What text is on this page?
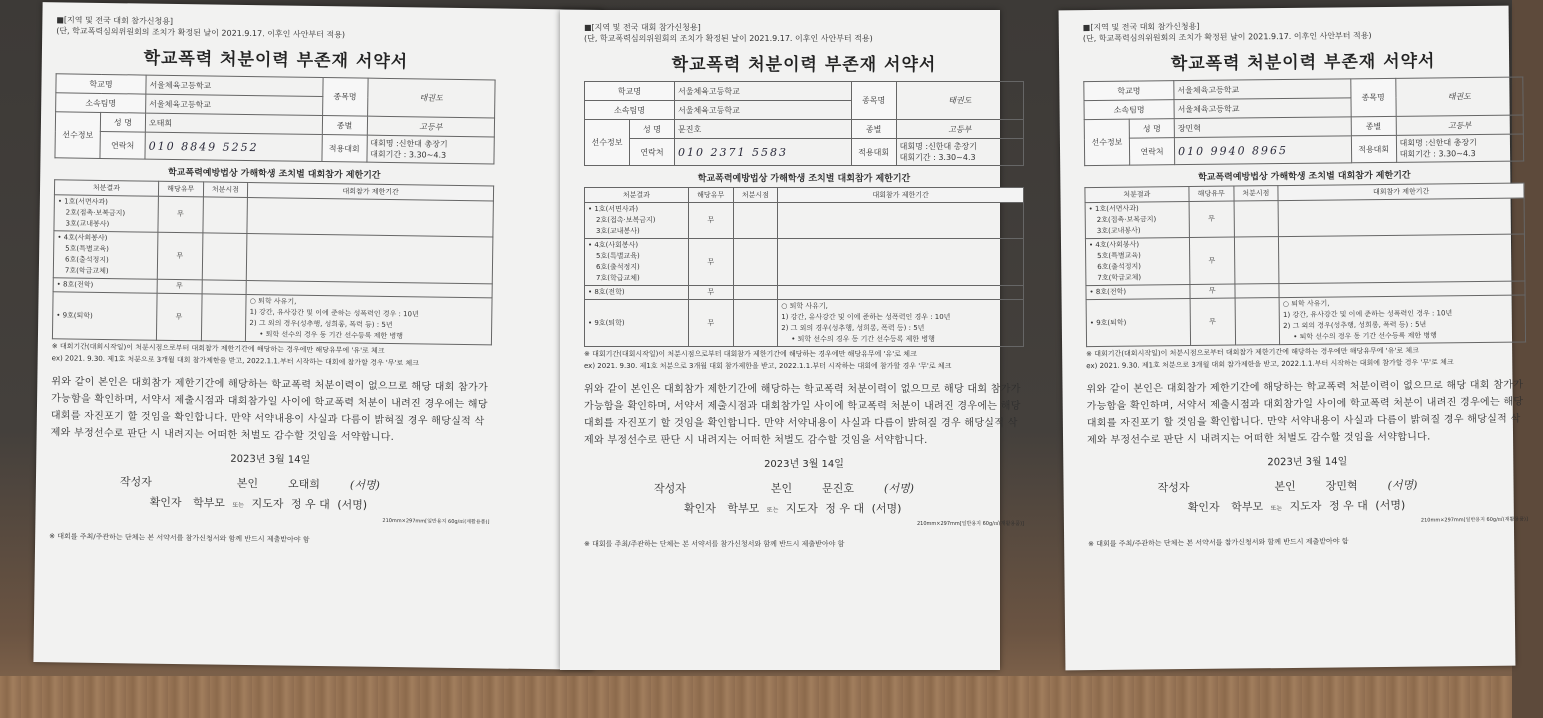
■[지역 및 전국 대회 참가신청용]
(단, 학교폭력심의위원회의 조치가 확정된 날이 2021.9.17. 이후인 사안부터 적용)
학교폭력 처분이력 부존재 서약서
학교명		서울체육고등학교	종목명	태권도
소속팀명		서울체육고등학교		
선수정보	성 명	오태희	종별	고등부
	연락처	010 8849 5252	적용대회	대회명 :신한대 총장기
대회기간 : 3.30~4.3
학교폭력예방법상 가해학생 조치별 대회참가 제한기간
처분결과	해당유무	처분시점	대회참가 제한기간

• 1호(서면사과)
2호(접촉·보복금지)
3호(교내봉사)	무		

• 4호(사회봉사)
5호(특별교육)
6호(출석정지)
7호(학급교체)	무		
• 8호(전학)	무		
• 9호(퇴학)	무		○ 퇴학 사유기,
1) 강간, 유사강간 및 이에 준하는 성폭력인 경우 : 10년
2) 그 외의 경우(성추행, 성희롱, 폭력 등) : 5년
• 퇴학 선수의 경우 동 기간 선수등록 제한 병행
※ 대회기간(대회시작일)이 처분시점으로부터 대회참가 제한기간에 해당하는 경우에만 해당유무에 '유'로 체크
ex) 2021. 9.30. 제1호 처분으로 3개월 대회 참가제한을 받고, 2022.1.1.부터 시작하는 대회에 참가할 경우 '무'로 체크
위와 같이 본인은 대회참가 제한기간에 해당하는 학교폭력 처분이력이 없으므로 해당 대회 참가가 가능함을 확인하며, 서약서 제출시점과 대회참가일 사이에 학교폭력 처분이 내려진 경우에는 해당대회를 자진포기 할 것임을 확인합니다. 만약 서약내용이 사실과 다름이 밝혀질 경우 해당실적 삭제와 부정선수로 판단 시 내려지는 어떠한 처벌도 감수할 것임을 서약합니다.
2023년 3월 14일
작성자	본인	오태희	(서명)
확인자 학부모 또는 지도자 정 우 대 (서명)
210mm×297mm[일반용지 60g/㎡(재활용품)]
※ 대회를 주최/주관하는 단체는 본 서약서를 참가신청서와 함께 반드시 제출받아야 함
■[지역 및 전국 대회 참가신청용]
(단, 학교폭력심의위원회의 조치가 확정된 날이 2021.9.17. 이후인 사안부터 적용)
학교폭력 처분이력 부존재 서약서
학교명		서울체육고등학교	종목명	태권도
소속팀명		서울체육고등학교		
선수정보	성 명	문진호	종별	고등부
	연락처	010 2371 5583	적용대회	대회명 :신한대 총장기
대회기간 : 3.30~4.3
학교폭력예방법상 가해학생 조치별 대회참가 제한기간
처분결과	해당유무	처분시점	대회참가 제한기간

• 1호(서면사과)
2호(접촉·보복금지)
3호(교내봉사)	무		

• 4호(사회봉사)
5호(특별교육)
6호(출석정지)
7호(학급교체)	무		
• 8호(전학)	무		
• 9호(퇴학)	무		○ 퇴학 사유기,
1) 강간, 유사강간 및 이에 준하는 성폭력인 경우 : 10년
2) 그 외의 경우(성추행, 성희롱, 폭력 등) : 5년
• 퇴학 선수의 경우 동 기간 선수등록 제한 병행
※ 대회기간(대회시작일)이 처분시점으로부터 대회참가 제한기간에 해당하는 경우에만 해당유무에 '유'로 체크
ex) 2021. 9.30. 제1호 처분으로 3개월 대회 참가제한을 받고, 2022.1.1.부터 시작하는 대회에 참가할 경우 '무'로 체크
위와 같이 본인은 대회참가 제한기간에 해당하는 학교폭력 처분이력이 없으므로 해당 대회 참가가 가능함을 확인하며, 서약서 제출시점과 대회참가일 사이에 학교폭력 처분이 내려진 경우에는 해당대회를 자진포기 할 것임을 확인합니다. 만약 서약내용이 사실과 다름이 밝혀질 경우 해당실적 삭제와 부정선수로 판단 시 내려지는 어떠한 처벌도 감수할 것임을 서약합니다.
2023년 3월 14일
작성자	본인	문진호	(서명)
확인자 학부모 또는 지도자 정 우 대 (서명)
210mm×297mm[일반용지 60g/㎡(재활용품)]
※ 대회를 주최/주관하는 단체는 본 서약서를 참가신청서와 함께 반드시 제출받아야 함
■[지역 및 전국 대회 참가신청용]
(단, 학교폭력심의위원회의 조치가 확정된 날이 2021.9.17. 이후인 사안부터 적용)
학교폭력 처분이력 부존재 서약서
학교명		서울체육고등학교	종목명	태권도
소속팀명		서울체육고등학교		
선수정보	성 명	장민혁	종별	고등부
	연락처	010 9940 8965	적용대회	대회명 :신한대 총장기
대회기간 : 3.30~4.3
학교폭력예방법상 가해학생 조치별 대회참가 제한기간
처분결과	해당유무	처분시점	대회참가 제한기간

• 1호(서면사과)
2호(접촉·보복금지)
3호(교내봉사)	무		

• 4호(사회봉사)
5호(특별교육)
6호(출석정지)
7호(학급교체)	무		
• 8호(전학)	무		
• 9호(퇴학)	무		○ 퇴학 사유기,
1) 강간, 유사강간 및 이에 준하는 성폭력인 경우 : 10년
2) 그 외의 경우(성추행, 성희롱, 폭력 등) : 5년
• 퇴학 선수의 경우 동 기간 선수등록 제한 병행
※ 대회기간(대회시작일)이 처분시점으로부터 대회참가 제한기간에 해당하는 경우에만 해당유무에 '유'로 체크
ex) 2021. 9.30. 제1호 처분으로 3개월 대회 참가제한을 받고, 2022.1.1.부터 시작하는 대회에 참가할 경우 '무'로 체크
위와 같이 본인은 대회참가 제한기간에 해당하는 학교폭력 처분이력이 없으므로 해당 대회 참가가 가능함을 확인하며, 서약서 제출시점과 대회참가일 사이에 학교폭력 처분이 내려진 경우에는 해당대회를 자진포기 할 것임을 확인합니다. 만약 서약내용이 사실과 다름이 밝혀질 경우 해당실적 삭제와 부정선수로 판단 시 내려지는 어떠한 처벌도 감수할 것임을 서약합니다.
2023년 3월 14일
작성자	본인	장민혁	(서명)
확인자 학부모 또는 지도자 정 우 대 (서명)
210mm×297mm[일반용지 60g/㎡(재활용품)]
※ 대회를 주최/주관하는 단체는 본 서약서를 참가신청서와 함께 반드시 제출받아야 함
